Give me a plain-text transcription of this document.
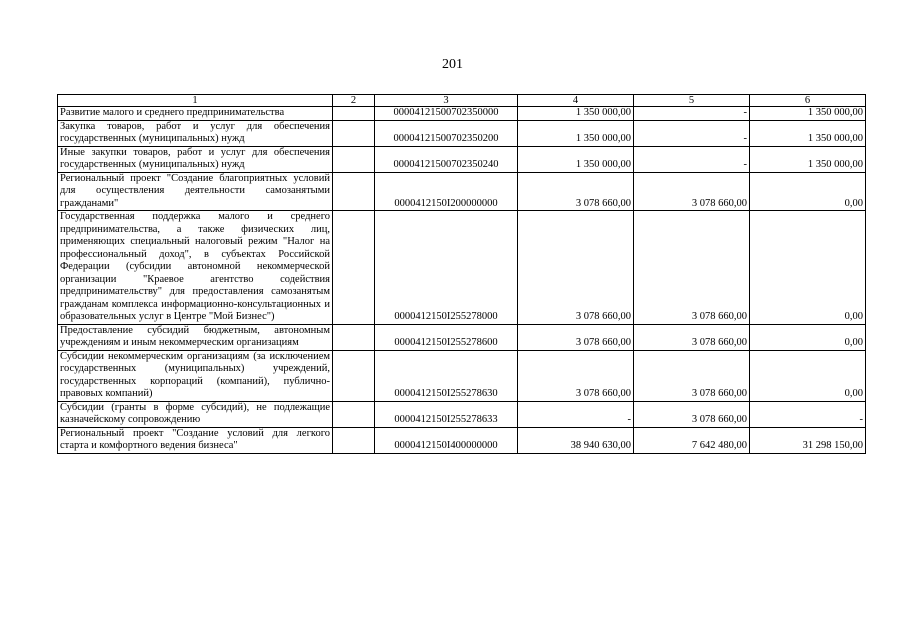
201
1	2	3	4	5	6
Развитие малого и среднего предпринимательства		00004121500702350000	1 350 000,00	-	1 350 000,00
Закупка товаров, работ и услуг для обеспечения государственных (муниципальных) нужд		00004121500702350200	1 350 000,00	-	1 350 000,00
Иные закупки товаров, работ и услуг для обеспечения государственных (муниципальных) нужд		00004121500702350240	1 350 000,00	-	1 350 000,00
Региональный проект "Создание благоприятных условий для осуществления деятельности самозанятыми гражданами"		0000412150I200000000	3 078 660,00	3 078 660,00	0,00
Государственная поддержка малого и среднего предпринимательства, а также физических лиц, применяющих специальный налоговый режим "Налог на профессиональный доход", в субъектах Российской Федерации (субсидии автономной некоммерческой организации "Краевое агентство содействия предпринимательству" для предоставления самозанятым гражданам комплекса информационно-консультационных и образовательных услуг в Центре "Мой Бизнес")		0000412150I255278000	3 078 660,00	3 078 660,00	0,00
Предоставление субсидий бюджетным, автономным учреждениям и иным некоммерческим организациям		0000412150I255278600	3 078 660,00	3 078 660,00	0,00
Субсидии некоммерческим организациям (за исключением государственных (муниципальных) учреждений, государственных корпораций (компаний), публично-правовых компаний)		0000412150I255278630	3 078 660,00	3 078 660,00	0,00
Субсидии (гранты в форме субсидий), не подлежащие казначейскому сопровождению		0000412150I255278633	-	3 078 660,00	-
Региональный проект "Создание условий для легкого старта и комфортного ведения бизнеса"		0000412150I400000000	38 940 630,00	7 642 480,00	31 298 150,00
